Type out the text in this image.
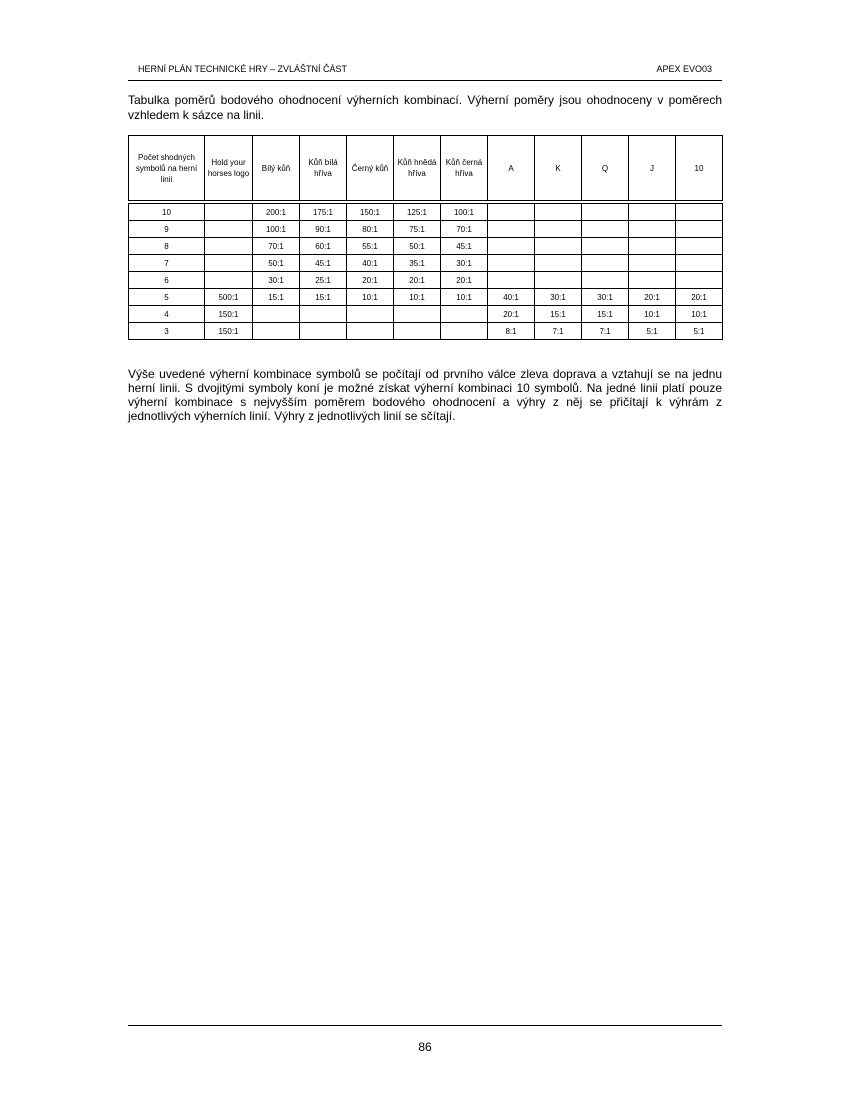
HERNÍ PLÁN TECHNICKÉ HRY – ZVLÁŠTNÍ ČÁST	APEX EVO03

Tabulka poměrů bodového ohodnocení výherních kombinací. Výherní poměry jsou ohodnoceny v poměrech vzhledem k sázce na linii.

Počet shodných symbolů na herní linii	Hold your horses logo	Bílý kůň	Kůň bílá hříva	Černý kůň	Kůň hnědá hříva	Kůň černá hříva	A	K	Q	J	10

10		200:1	175:1	150:1	125:1	100:1					
9		100:1	90:1	80:1	75:1	70:1					
8		70:1	60:1	55:1	50:1	45:1					
7		50:1	45:1	40:1	35:1	30:1					
6		30:1	25:1	20:1	20:1	20:1					
5	500:1	15:1	15:1	10:1	10:1	10:1	40:1	30:1	30:1	20:1	20:1
4	150:1						20:1	15:1	15:1	10:1	10:1
3	150:1						8:1	7:1	7:1	5:1	5:1

Výše uvedené výherní kombinace symbolů se počítají od prvního válce zleva doprava a vztahují se na jednu herní linii. S dvojitými symboly koní je možné získat výherní kombinaci 10 symbolů. Na jedné linii platí pouze výherní kombinace s nejvyšším poměrem bodového ohodnocení a výhry z něj se přičítají k výhrám z jednotlivých výherních linií. Výhry z jednotlivých linií se sčítají.

86
